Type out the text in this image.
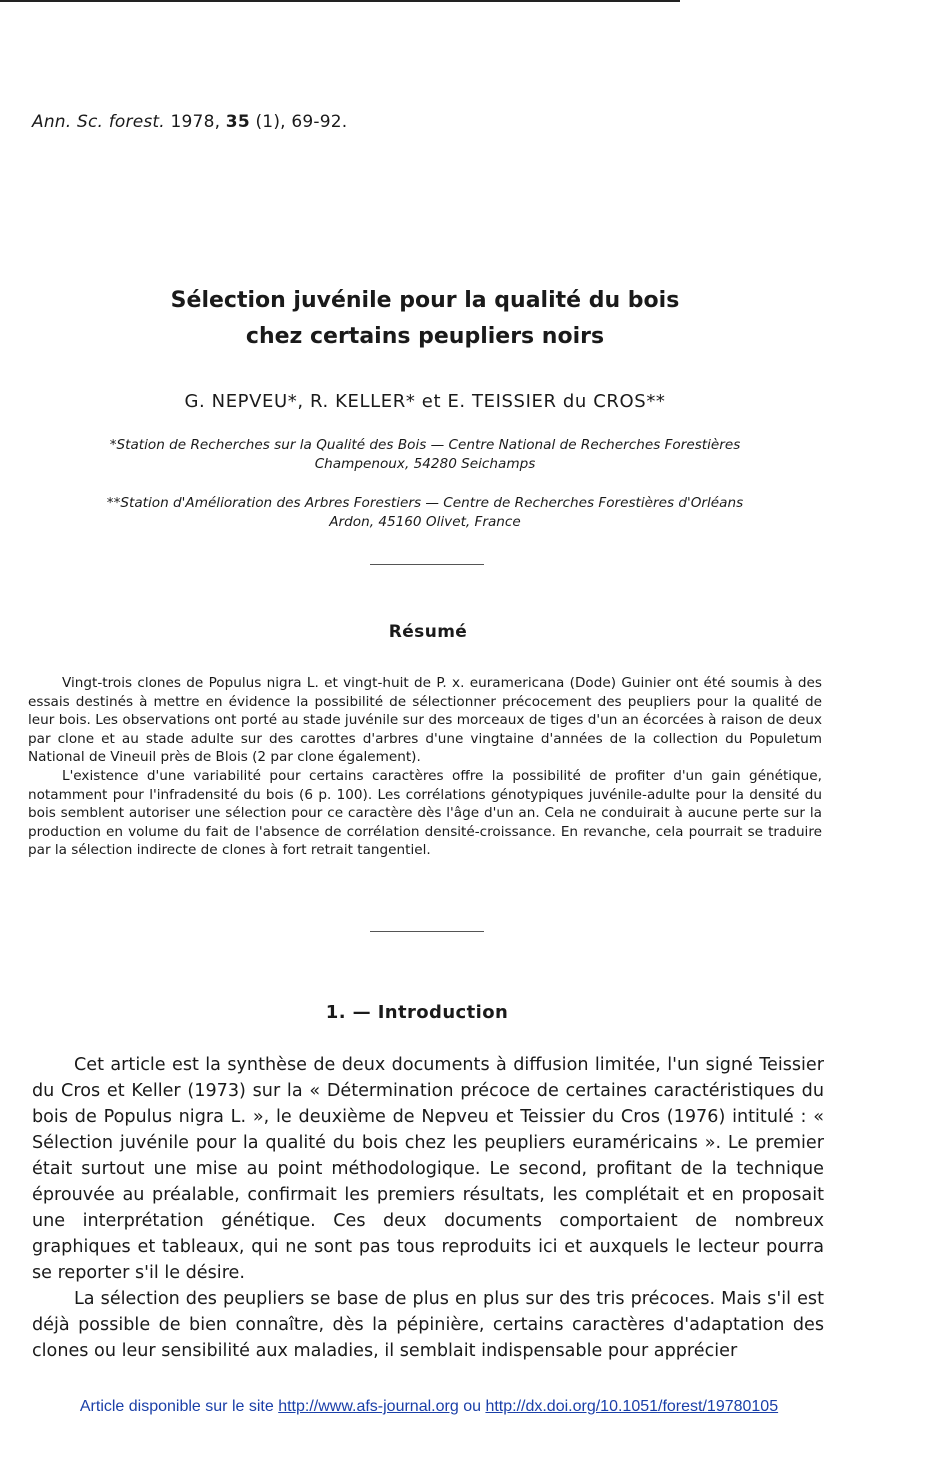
Ann. Sc. forest. 1978, 35 (1), 69-92.
Sélection juvénile pour la qualité du bois
chez certains peupliers noirs
G. NEPVEU*, R. KELLER* et E. TEISSIER du CROS**
*Station de Recherches sur la Qualité des Bois — Centre National de Recherches Forestières
Champenoux, 54280 Seichamps
**Station d'Amélioration des Arbres Forestiers — Centre de Recherches Forestières d'Orléans
Ardon, 45160 Olivet, France
Résumé

Vingt-trois clones de Populus nigra L. et vingt-huit de P. x. euramericana (Dode) Guinier ont été soumis à des essais destinés à mettre en évidence la possibilité de sélectionner précocement des peupliers pour la qualité de leur bois. Les observations ont porté au stade juvénile sur des morceaux de tiges d'un an écorcées à raison de deux par clone et au stade adulte sur des carottes d'arbres d'une vingtaine d'années de la collection du Populetum National de Vineuil près de Blois (2 par clone également).

L'existence d'une variabilité pour certains caractères offre la possibilité de profiter d'un gain génétique, notamment pour l'infradensité du bois (6 p. 100). Les corrélations génotypiques juvénile-adulte pour la densité du bois semblent autoriser une sélection pour ce caractère dès l'âge d'un an. Cela ne conduirait à aucune perte sur la production en volume du fait de l'absence de corrélation densité-croissance. En revanche, cela pourrait se traduire par la sélection indirecte de clones à fort retrait tangentiel.

1. — Introduction

Cet article est la synthèse de deux documents à diffusion limitée, l'un signé Teissier du Cros et Keller (1973) sur la « Détermination précoce de certaines caractéristiques du bois de Populus nigra L. », le deuxième de Nepveu et Teissier du Cros (1976) intitulé : « Sélection juvénile pour la qualité du bois chez les peupliers euraméricains ». Le premier était surtout une mise au point méthodologique. Le second, profitant de la technique éprouvée au préalable, confirmait les premiers résultats, les complétait et en proposait une interprétation génétique. Ces deux documents comportaient de nombreux graphiques et tableaux, qui ne sont pas tous reproduits ici et auxquels le lecteur pourra se reporter s'il le désire.

La sélection des peupliers se base de plus en plus sur des tris précoces. Mais s'il est déjà possible de bien connaître, dès la pépinière, certains caractères d'adaptation des clones ou leur sensibilité aux maladies, il semblait indispensable pour apprécier

Article disponible sur le site http://www.afs-journal.org ou http://dx.doi.org/10.1051/forest/19780105
